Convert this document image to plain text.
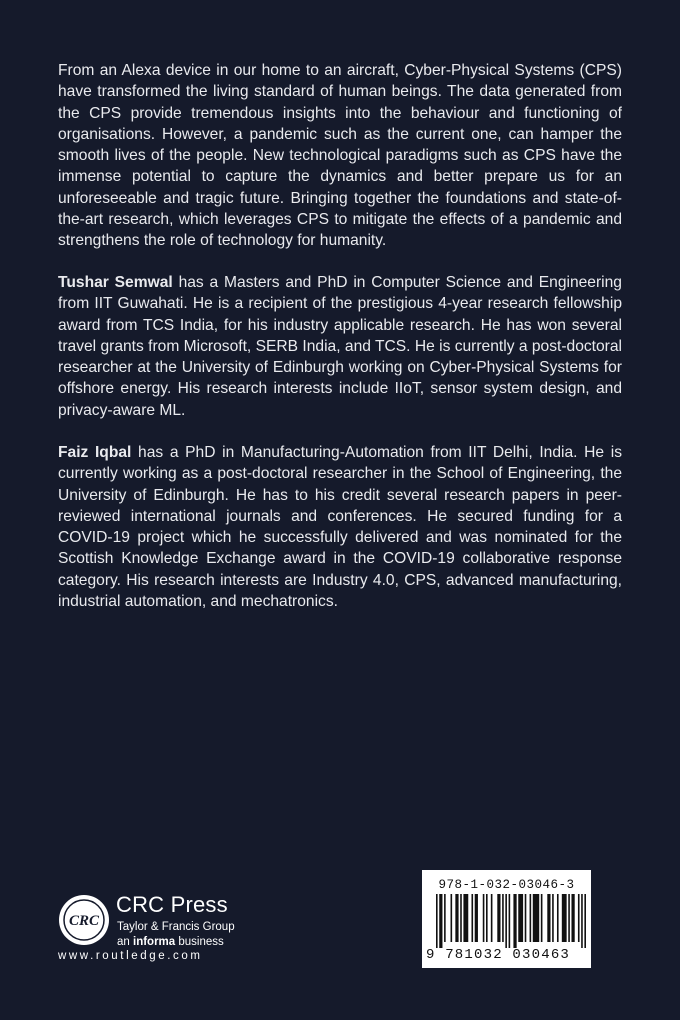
From an Alexa device in our home to an aircraft, Cyber-Physical Systems (CPS) have transformed the living standard of human beings. The data generated from the CPS provide tremendous insights into the behaviour and functioning of organisations. However, a pandemic such as the current one, can hamper the smooth lives of the people. New technological paradigms such as CPS have the immense potential to capture the dynamics and better prepare us for an unforeseeable and tragic future. Bringing together the foundations and state-of-the-art research, which leverages CPS to mitigate the effects of a pandemic and strengthens the role of technology for humanity.

Tushar Semwal has a Masters and PhD in Computer Science and Engineering from IIT Guwahati. He is a recipient of the prestigious 4-year research fellowship award from TCS India, for his industry applicable research. He has won several travel grants from Microsoft, SERB India, and TCS. He is currently a post-doctoral researcher at the University of Edinburgh working on Cyber-Physical Systems for offshore energy. His research interests include IIoT, sensor system design, and privacy-aware ML.

Faiz Iqbal has a PhD in Manufacturing-Automation from IIT Delhi, India. He is currently working as a post-doctoral researcher in the School of Engineering, the University of Edinburgh. He has to his credit several research papers in peer-reviewed international journals and conferences. He secured funding for a COVID-19 project which he successfully delivered and was nominated for the Scottish Knowledge Exchange award in the COVID-19 collaborative response category. His research interests are Industry 4.0, CPS, advanced manufacturing, industrial automation, and mechatronics.

CRC
CRC Press
Taylor & Francis Group
an informa business
www.routledge.com
978-1-032-03046-3
9 781032 030463
